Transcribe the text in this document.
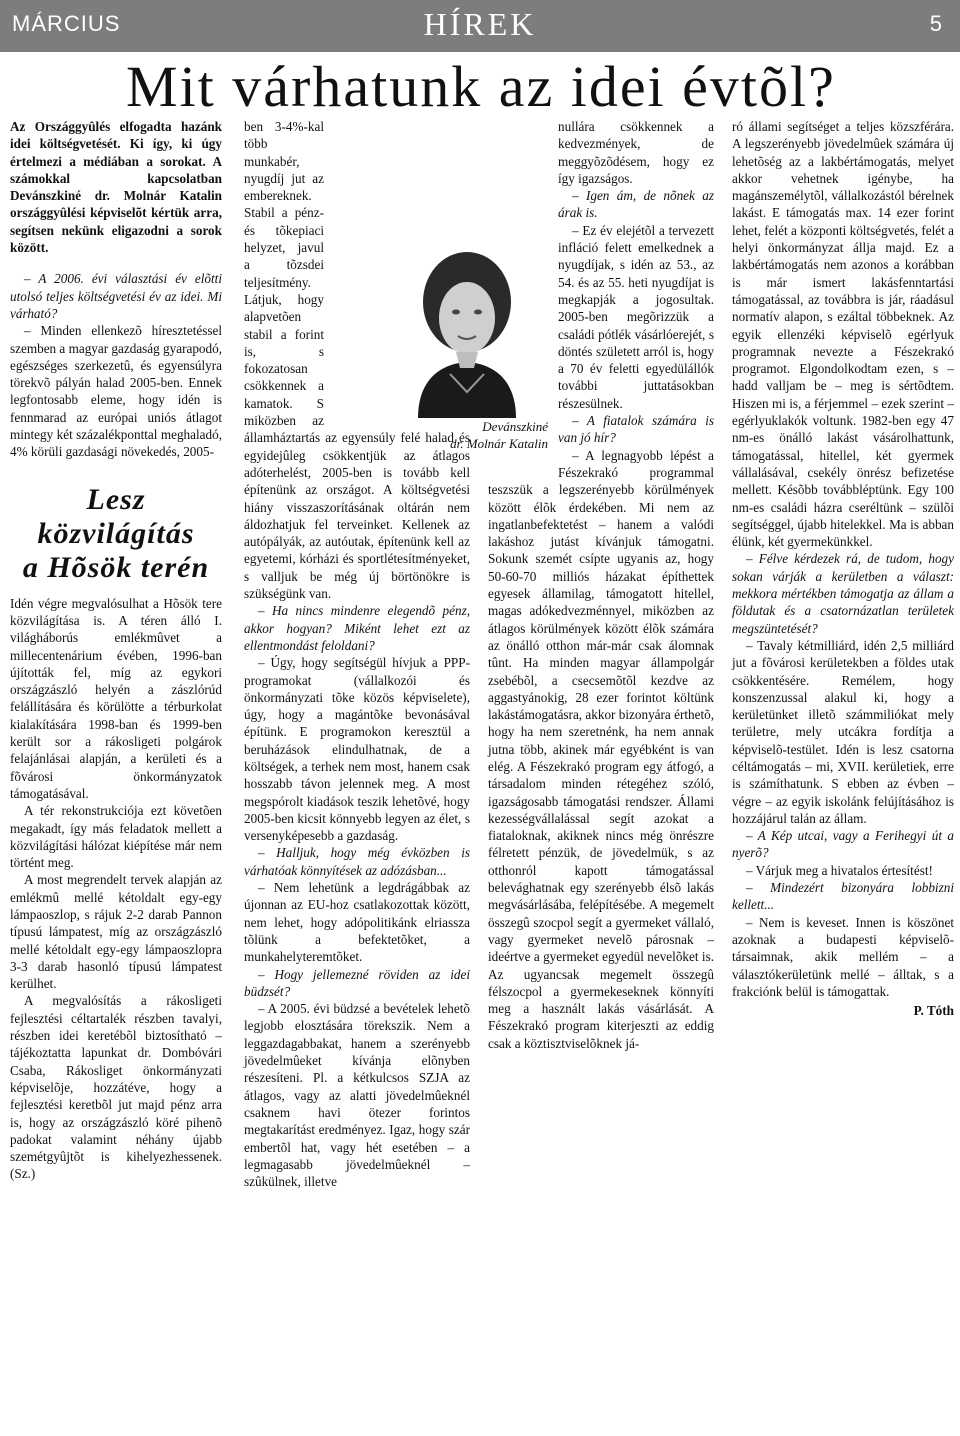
MÁRCIUS	HÍREK	5
Mit várhatunk az idei évtõl?

Az Országgyûlés elfogadta hazánk idei költségvetését. Ki így, ki úgy értelmezi a médiában a sorokat. A számokkal kapcsolatban Devánszkiné dr. Molnár Katalin országgyûlési képviselõt kértük arra, segítsen nekünk eligazodni a sorok között.

– A 2006. évi választási év elõtti utolsó teljes költségvetési év az idei. Mi várható?

– Minden ellenkezõ híresztetéssel szemben a magyar gazdaság gyarapodó, egészséges szerkezetû, és egyensúlyra törekvõ pályán halad 2005-ben. Ennek legfontosabb eleme, hogy idén is fennmarad az európai uniós átlagot mintegy két százalékponttal meghaladó, 4% körüli gazdasági növekedés, 2005-

Lesz közvilágítás
a Hõsök terén

Idén végre megvalósulhat a Hõsök tere közvilágítása is. A téren álló I. világháborús emlékmûvet a millecentenárium évében, 1996-ban újították fel, míg az egykori országzászló helyén a zászlórúd felállítására és körülötte a térburkolat kialakítására 1998-ban és 1999-ben került sor a rákosligeti polgárok felajánlásai alapján, a kerületi és a fõvárosi önkormányzatok támogatásával.

A tér rekonstrukciója ezt követõen megakadt, így más feladatok mellett a közvilágítási hálózat kiépítése már nem történt meg.

A most megrendelt tervek alapján az emlékmû mellé kétoldalt egy-egy lámpaoszlop, s rájuk 2-2 darab Pannon típusú lámpatest, míg az országzászló mellé kétoldalt egy-egy lámpaoszlopra 3-3 darab hasonló típusú lámpatest kerülhet.

A megvalósítás a rákosligeti fejlesztési céltartalék részben tavalyi, részben idei keretébõl biztosítható – tájékoztatta lapunkat dr. Dombóvári Csaba, Rákosliget önkormányzati képviselõje, hozzátéve, hogy a fejlesztési keretbõl jut majd pénz arra is, hogy az országzászló köré pihenõ padokat valamint néhány újabb szemétgyûjtõt is kihelyezhessenek. (Sz.)

ben 3-4%-kal több munkabér, nyugdíj jut az embereknek. Stabil a pénz- és tõkepiaci helyzet, javul a tõzsdei teljesítmény. Látjuk, hogy alapvetõen stabil a forint is, s fokozatosan csökkennek a kamatok. S miközben az államháztartás az egyensúly felé halad és egyidejûleg csökkentjük az átlagos adóterhelést, 2005-ben is tovább kell építenünk az országot. A költségvetési hiány visszaszorításának oltárán nem áldozhatjuk fel terveinket. Kellenek az autópályák, az autóutak, építenünk kell az egyetemi, kórházi és sportlétesítményeket, s valljuk be még új börtönökre is szükségünk van.

– Ha nincs mindenre elegendõ pénz, akkor hogyan? Miként lehet ezt az ellentmondást feloldani?

– Úgy, hogy segítségül hívjuk a PPP-programokat (vállalkozói és önkormányzati tõke közös képviselete), úgy, hogy a magántõke bevonásával építünk. E programokon keresztül a beruházások elindulhatnak, de a költségek, a terhek nem most, hanem csak hosszabb távon jelennek meg. A most megspórolt kiadások teszik lehetõvé, hogy 2005-ben kicsit könnyebb legyen az élet, s versenyképesebb a gazdaság.

– Halljuk, hogy még évközben is várhatóak könnyítések az adózásban...

– Nem lehetünk a legdrágábbak az újonnan az EU-hoz csatlakozottak között, nem lehet, hogy adópolitikánk elriassza tõlünk a befektetõket, a munkahelyteremtõket.

– Hogy jellemezné röviden az idei büdzsét?

– A 2005. évi büdzsé a bevételek lehetõ legjobb elosztására törekszik. Nem a leggazdagabbakat, hanem a szerényebb jövedelmûeket kívánja elõnyben részesíteni. Pl. a kétkulcsos SZJA az átlagos, vagy az alatti jövedelmûeknél csaknem havi ötezer forintos megtakarítást eredményez. Igaz, hogy szár embertõl hat, vagy hét esetében – a legmagasabb jövedelmûeknél – szûkülnek, illetve

Devánszkiné
dr. Molnár Katalin

nullára csökkennek a kedvezmények, de meggyõzõdésem, hogy ez így igazságos.

– Igen ám, de nõnek az árak is.

– Ez év elejétõl a tervezett infláció felett emelkednek a nyugdíjak, s idén az 53., az 54. és az 55. heti nyugdíjat is megkapják a jogosultak. 2005-ben megõrizzük a családi pótlék vásárlóerejét, s döntés született arról is, hogy a 70 év feletti egyedülállók további juttatásokban részesülnek.

– A fiatalok számára is van jó hír?

– A legnagyobb lépést a Fészekrakó programmal teszszük a legszerényebb körülmények között élõk érdekében. Mi nem az ingatlanbefektetést – hanem a valódi lakáshoz jutást kívánjuk támogatni. Sokunk szemét csípte ugyanis az, hogy 50-60-70 milliós házakat építhettek egyesek államilag, támogatott hitellel, magas adókedvezménnyel, miközben az átlagos körülmények között élõk számára az önálló otthon már-már csak álomnak tûnt. Ha minden magyar állampolgár zsebébõl, a csecsemõtõl kezdve az aggastyánokig, 28 ezer forintot költünk lakástámogatásra, akkor bizonyára érthetõ, hogy ha nem szeretnénk, ha nem annak jutna több, akinek már egyébként is van elég. A Fészekrakó program egy átfogó, a társadalom minden rétegéhez szóló, igazságosabb támogatási rendszer. Állami kezességvállalással segít azokat a fiataloknak, akiknek nincs még önrészre félretett pénzük, de jövedelmük, s az otthonról kapott támogatással belevághatnak egy szerényebb élsõ lakás megvásárlásába, felépítésébe. A megemelt összegû szocpol segít a gyermeket vállaló, vagy gyermeket nevelõ párosnak – ideértve a gyermeket egyedül nevelõket is. Az ugyancsak megemelt összegû félszocpol a gyermekeseknek könnyíti meg a használt lakás vásárlását. A Fészekrakó program kiterjeszti az eddig csak a köztisztviselõknek já-

ró állami segítséget a teljes közszférára. A legszerényebb jövedelmûek számára új lehetõség az a lakbértámogatás, melyet akkor vehetnek igénybe, ha magánszemélytõl, vállalkozástól bérelnek lakást. E támogatás max. 14 ezer forint lehet, felét a központi költségvetés, felét a helyi önkormányzat állja majd. Ez a lakbértámogatás nem azonos a korábban is már ismert lakásfenntartási támogatással, az továbbra is jár, ráadásul normatív alapon, s ezáltal többeknek. Az egyik ellenzéki képviselõ egérlyuk programnak nevezte a Fészekrakó programot. Elgondolkodtam ezen, s – hadd valljam be – meg is sértõdtem. Hiszen mi is, a férjemmel – ezek szerint – egérlyuklakók voltunk. 1982-ben egy 47 nm-es önálló lakást vásárolhattunk, támogatással, hitellel, két gyermek vállalásával, csekély önrész befizetése mellett. Késõbb továbbléptünk. Egy 100 nm-es családi házra cseréltünk – szülõi segítséggel, újabb hitelekkel. Ma is abban élünk, két gyermekünkkel.

– Félve kérdezek rá, de tudom, hogy sokan várják a kerületben a választ: mekkora mértékben támogatja az állam a földutak és a csatornázatlan területek megszüntetését?

– Tavaly kétmilliárd, idén 2,5 milliárd jut a fõvárosi kerületekben a földes utak csökkentésére. Remélem, hogy konszenzussal alakul ki, hogy a kerületünket illetõ számmiliókat mely területre, mely utcákra fordítja a képviselõ-testület. Idén is lesz csatorna céltámogatás – mi, XVII. kerületiek, erre is számíthatunk. S ebben az évben – végre – az egyik iskolánk felújításához is hozzájárul talán az állam.

– A Kép utcai, vagy a Ferihegyi út a nyerõ?

– Várjuk meg a hivatalos értesítést!

– Mindezért bizonyára lobbizni kellett...

– Nem is keveset. Innen is köszönet azoknak a budapesti képviselõ-társaimnak, akik mellém – a választókerületünk mellé – álltak, s a frakciónk belül is támogattak.

P. Tóth
